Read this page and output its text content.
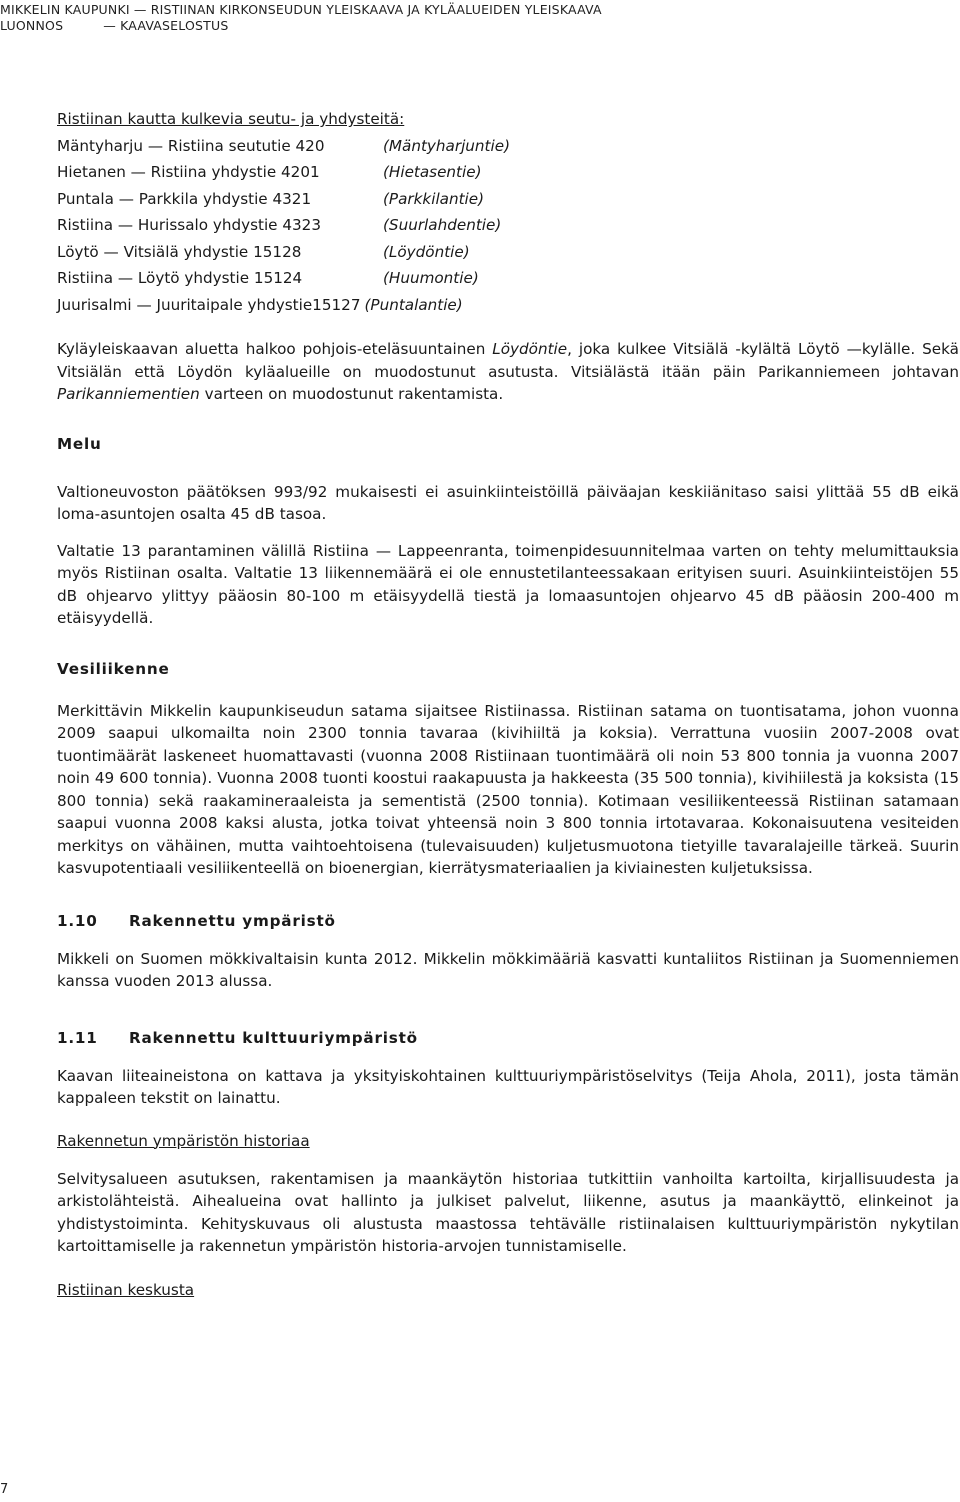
MIKKELIN KAUPUNKI — RISTIINAN KIRKONSEUDUN YLEISKAAVA JA KYLÄALUEIDEN YLEISKAAVA
LUONNOS	— KAAVASELOSTUS
Ristiinan kautta kulkevia seutu- ja yhdysteitä:
Mäntyharju — Ristiina seututie 420	(Mäntyharjuntie)
Hietanen — Ristiina yhdystie 4201	(Hietasentie)
Puntala — Parkkila yhdystie 4321	(Parkkilantie)
Ristiina — Hurissalo yhdystie 4323	(Suurlahdentie)
Löytö — Vitsiälä yhdystie 15128	(Löydöntie)
Ristiina — Löytö yhdystie 15124	(Huumontie)
Juurisalmi — Juuritaipale yhdystie15127 (Puntalantie)

Kyläyleiskaavan aluetta halkoo pohjois-eteläsuuntainen Löydöntie, joka kulkee Vitsiälä -kylältä Löytö —kylälle. Sekä Vitsiälän että Löydön kyläalueille on muodostunut asutusta. Vitsiälästä itään päin Parikanniemeen johtavan Parikanniementien varteen on muodostunut rakentamista.

Melu

Valtioneuvoston päätöksen 993/92 mukaisesti ei asuinkiinteistöillä päiväajan keskiiänitaso saisi ylittää 55 dB eikä loma-asuntojen osalta 45 dB tasoa.

Valtatie 13 parantaminen välillä Ristiina — Lappeenranta, toimenpidesuunnitelmaa varten on tehty melumittauksia myös Ristiinan osalta. Valtatie 13 liikennemäärä ei ole ennustetilanteessakaan erityisen suuri. Asuinkiinteistöjen 55 dB ohjearvo ylittyy pääosin 80-100 m etäisyydellä tiestä ja lomaasuntojen ohjearvo 45 dB pääosin 200-400 m etäisyydellä.

Vesiliikenne

Merkittävin Mikkelin kaupunkiseudun satama sijaitsee Ristiinassa. Ristiinan satama on tuontisatama, johon vuonna 2009 saapui ulkomailta noin 2300 tonnia tavaraa (kivihiiltä ja koksia). Verrattuna vuosiin 2007-2008 ovat tuontimäärät laskeneet huomattavasti (vuonna 2008 Ristiinaan tuontimäärä oli noin 53 800 tonnia ja vuonna 2007 noin 49 600 tonnia). Vuonna 2008 tuonti koostui raakapuusta ja hakkeesta (35 500 tonnia), kivihiilestä ja koksista (15 800 tonnia) sekä raakamineraaleista ja sementistä (2500 tonnia). Kotimaan vesiliikenteessä Ristiinan satamaan saapui vuonna 2008 kaksi alusta, jotka toivat yhteensä noin 3 800 tonnia irtotavaraa. Kokonaisuutena vesiteiden merkitys on vähäinen, mutta vaihtoehtoisena (tulevaisuuden) kuljetusmuotona tietyille tavaralajeille tärkeä. Suurin kasvupotentiaali vesiliikenteellä on bioenergian, kierrätysmateriaalien ja kiviainesten kuljetuksissa.

1.10	Rakennettu ympäristö

Mikkeli on Suomen mökkivaltaisin kunta 2012. Mikkelin mökkimääriä kasvatti kuntaliitos Ristiinan ja Suomenniemen kanssa vuoden 2013 alussa.

1.11	Rakennettu kulttuuriympäristö

Kaavan liiteaineistona on kattava ja yksityiskohtainen kulttuuriympäristöselvitys (Teija Ahola, 2011), josta tämän kappaleen tekstit on lainattu.

Rakennetun ympäristön historiaa

Selvitysalueen asutuksen, rakentamisen ja maankäytön historiaa tutkittiin vanhoilta kartoilta, kirjallisuudesta ja arkistolähteistä. Aihealueina ovat hallinto ja julkiset palvelut, liikenne, asutus ja maankäyttö, elinkeinot ja yhdistystoiminta. Kehityskuvaus oli alustusta maastossa tehtävälle ristiinalaisen kulttuuriympäristön nykytilan kartoittamiselle ja rakennetun ympäristön historia-arvojen tunnistamiselle.

Ristiinan keskusta
7
